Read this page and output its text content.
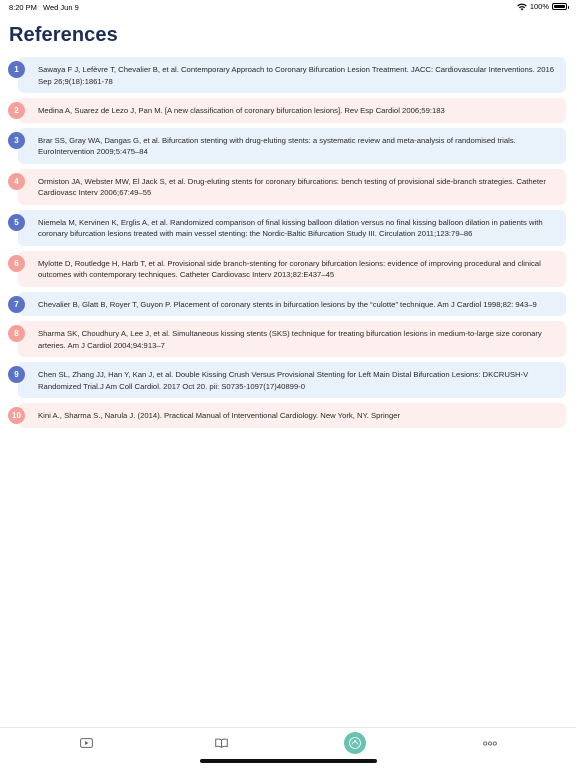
8:20 PM Wed Jun 9	100%
References
1	Sawaya F J, Lefèvre T, Chevalier B, et al. Contemporary Approach to Coronary Bifurcation Lesion Treatment. JACC: Cardiovascular Interventions. 2016 Sep 26;9(18):1861-78
2	Medina A, Suarez de Lezo J, Pan M. [A new classification of coronary bifurcation lesions]. Rev Esp Cardiol 2006;59:183
3	Brar SS, Gray WA, Dangas G, et al. Bifurcation stenting with drug-eluting stents: a systematic review and meta-analysis of randomised trials. EuroIntervention 2009;5:475–84
4	Ormiston JA, Webster MW, El Jack S, et al. Drug-eluting stents for coronary bifurcations: bench testing of provisional side-branch strategies. Catheter Cardiovasc Interv 2006;67:49–55
5	Niemela M, Kervinen K, Erglis A, et al. Randomized comparison of final kissing balloon dilation versus no final kissing balloon dilation in patients with coronary bifurcation lesions treated with main vessel stenting: the Nordic-Baltic Bifurcation Study III. Circulation 2011;123:79–86
6	Mylotte D, Routledge H, Harb T, et al. Provisional side branch-stenting for coronary bifurcation lesions: evidence of improving procedural and clinical outcomes with contemporary techniques. Catheter Cardiovasc Interv 2013;82:E437–45
7	Chevalier B, Glatt B, Royer T, Guyon P. Placement of coronary stents in bifurcation lesions by the “culotte” technique. Am J Cardiol 1998;82: 943–9
8	Sharma SK, Choudhury A, Lee J, et al. Simultaneous kissing stents (SKS) technique for treating bifurcation lesions in medium-to-large size coronary arteries. Am J Cardiol 2004;94:913–7
9	Chen SL, Zhang JJ, Han Y, Kan J, et al. Double Kissing Crush Versus Provisional Stenting for Left Main Distal Bifurcation Lesions: DKCRUSH-V Randomized Trial.J Am Coll Cardiol. 2017 Oct 20. pii: S0735-1097(17)40899-0
10	Kini A., Sharma S., Narula J. (2014). Practical Manual of Interventional Cardiology. New York, NY. Springer
